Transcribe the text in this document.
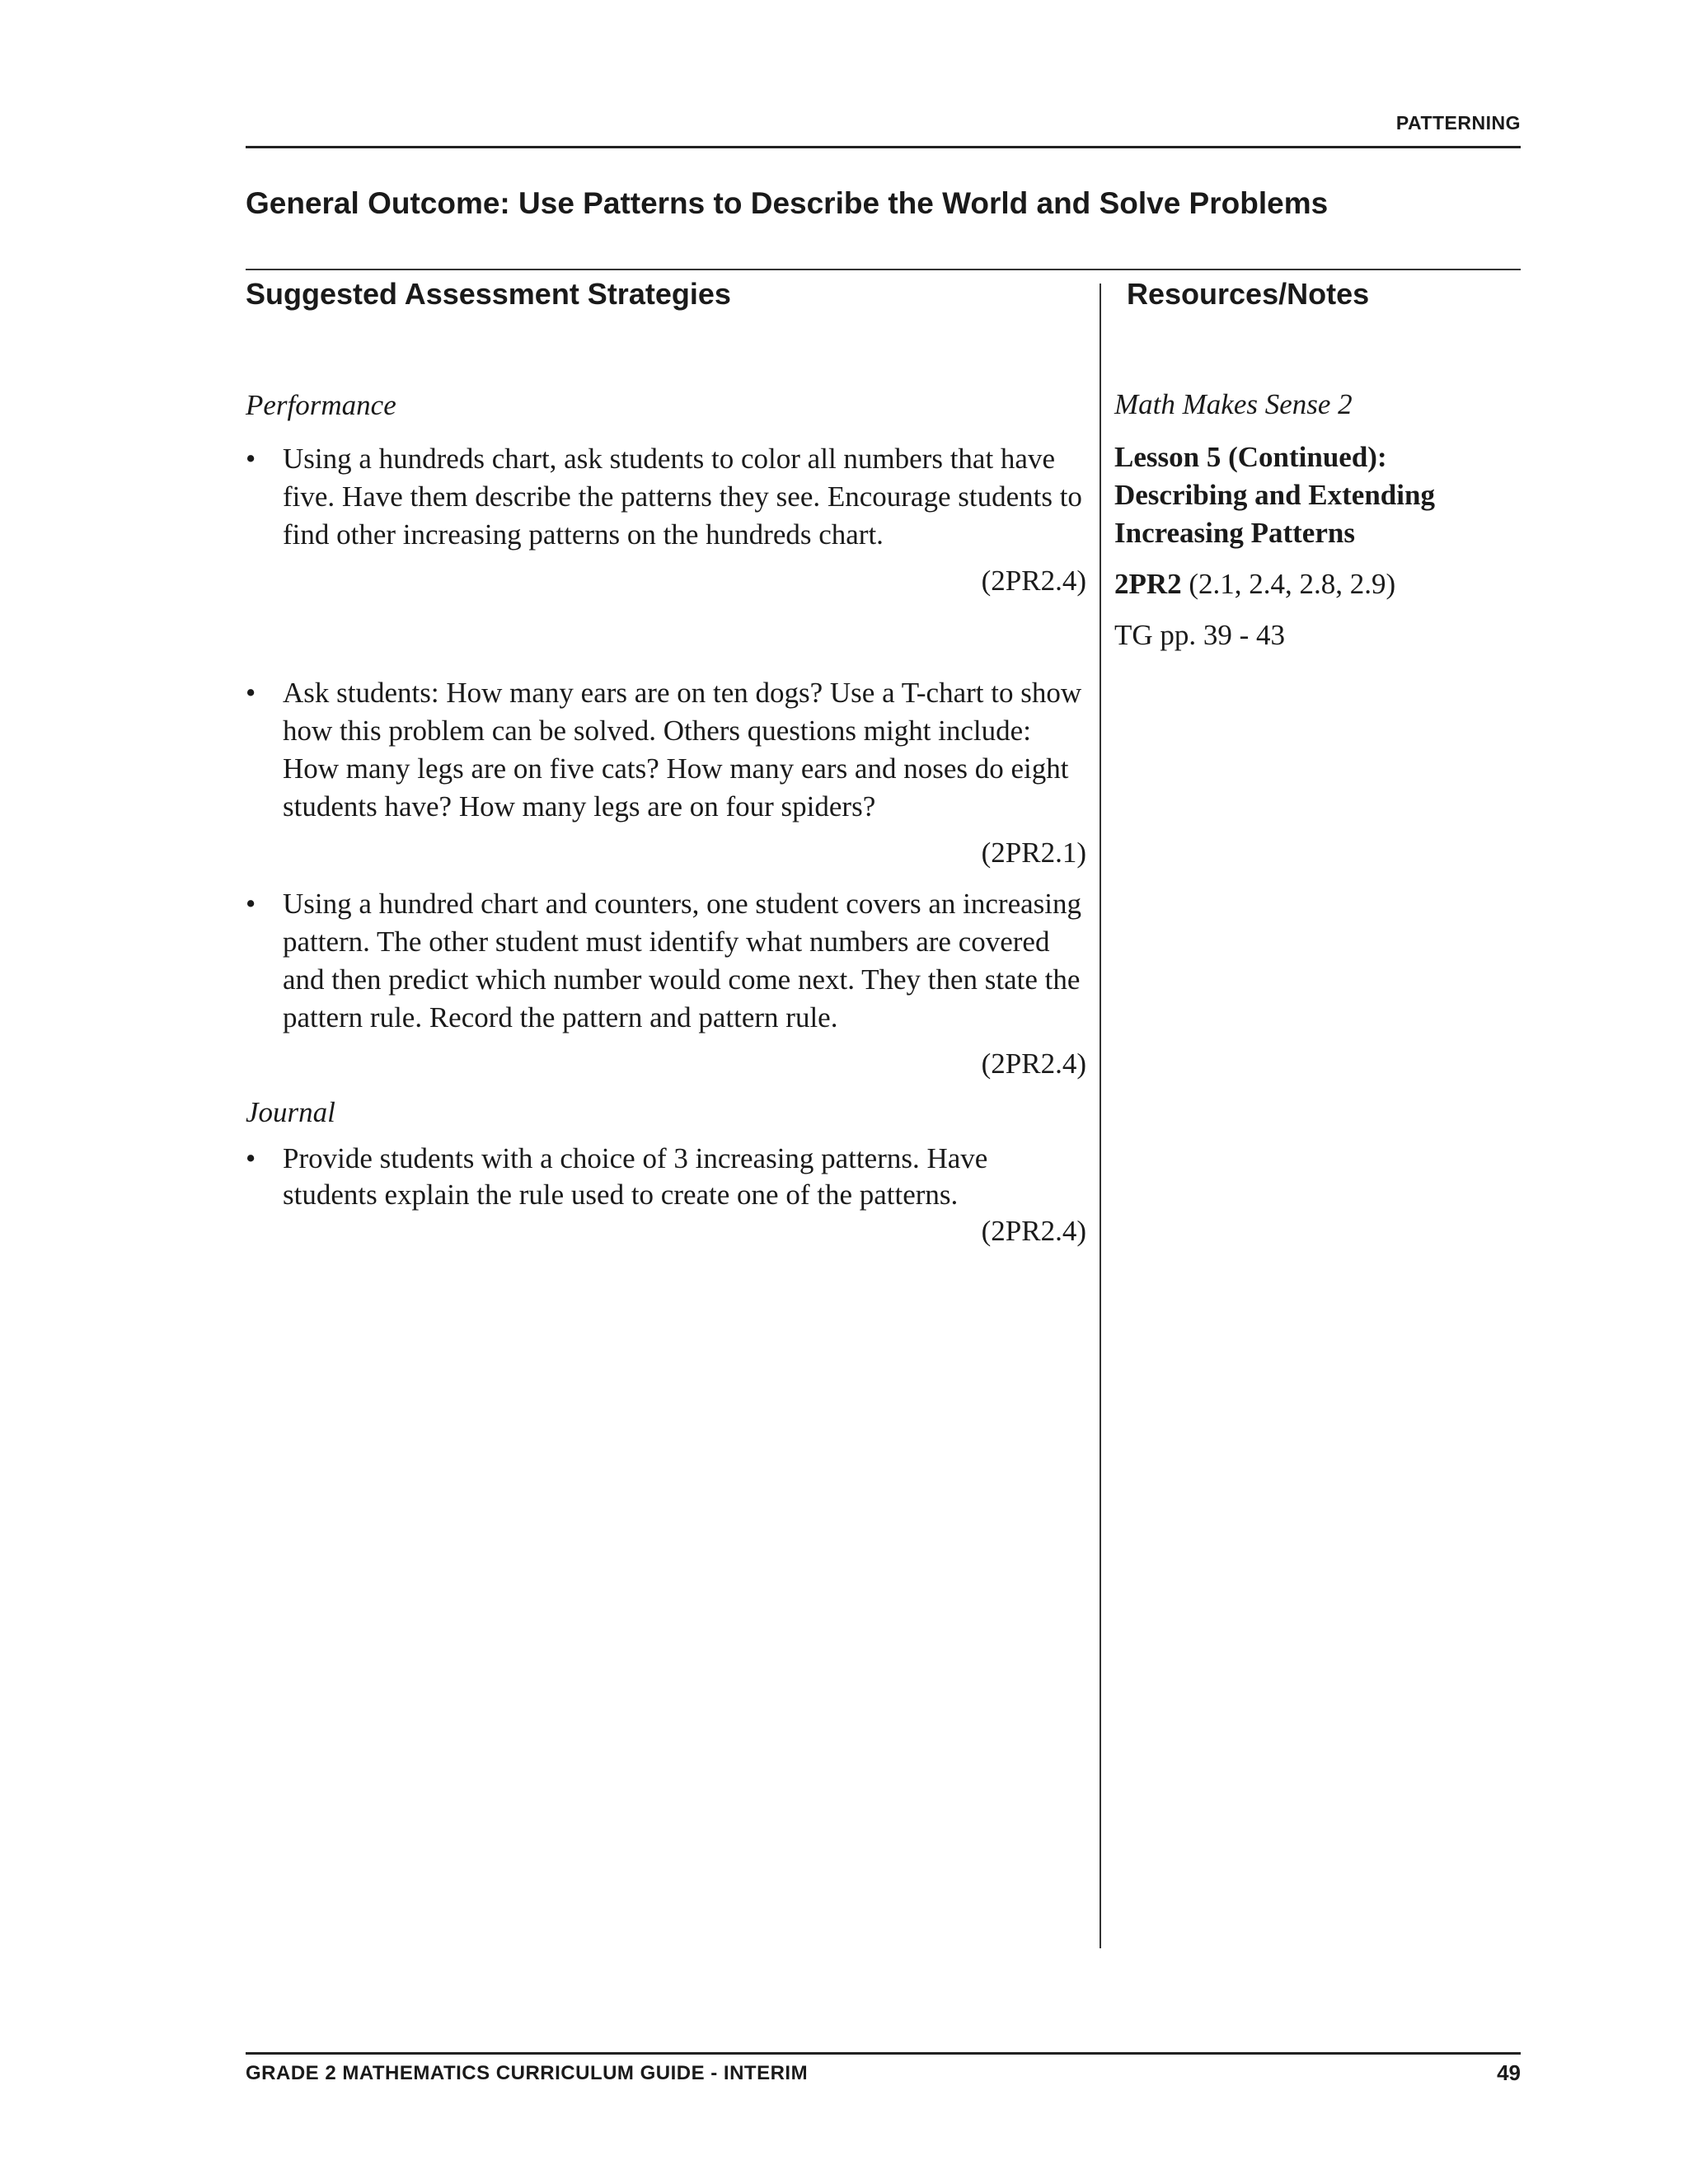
PATTERNING
General Outcome: Use Patterns to Describe the World and Solve Problems
Suggested Assessment Strategies	Resources/Notes

Performance

• Using a hundreds chart, ask students to color all numbers that have five. Have them describe the patterns they see. Encourage students to find other increasing patterns on the hundreds chart.

(2PR2.4)

• Ask students: How many ears are on ten dogs? Use a T-chart to show how this problem can be solved. Others questions might include: How many legs are on five cats? How many ears and noses do eight students have? How many legs are on four spiders?

(2PR2.1)

• Using a hundred chart and counters, one student covers an increasing pattern. The other student must identify what numbers are covered and then predict which number would come next. They then state the pattern rule. Record the pattern and pattern rule.

(2PR2.4)

Journal

• Provide students with a choice of 3 increasing patterns. Have students explain the rule used to create one of the patterns.

(2PR2.4)

Math Makes Sense 2

Lesson 5 (Continued): Describing and Extending Increasing Patterns

2PR2 (2.1, 2.4, 2.8, 2.9)

TG pp. 39 - 43

GRADE 2 MATHEMATICS CURRICULUM GUIDE - INTERIM	49
